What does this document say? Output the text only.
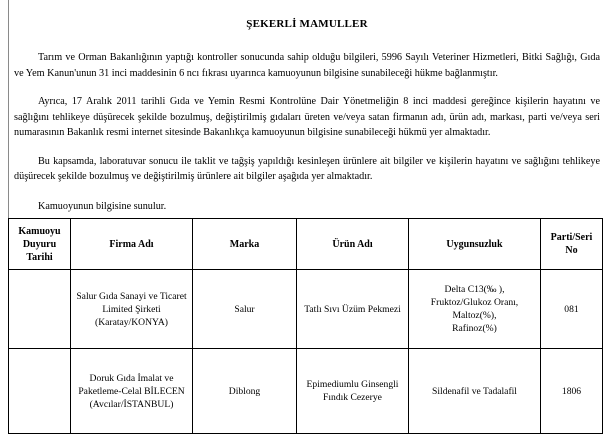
ŞEKERLİ MAMULLER

Tarım ve Orman Bakanlığının yaptığı kontroller sonucunda sahip olduğu bilgileri, 5996 Sayılı Veteriner Hizmetleri, Bitki Sağlığı, Gıda ve Yem Kanun'unun 31 inci maddesinin 6 ncı fıkrası uyarınca kamuoyunun bilgisine sunabileceği hükme bağlanmıştır.

Ayrıca, 17 Aralık 2011 tarihli Gıda ve Yemin Resmi Kontrolüne Dair Yönetmeliğin 8 inci maddesi gereğince kişilerin hayatını ve sağlığını tehlikeye düşürecek şekilde bozulmuş, değiştirilmiş gıdaları üreten ve/veya satan firmanın adı, ürün adı, markası, parti ve/veya seri numarasının Bakanlık resmi internet sitesinde Bakanlıkça kamuoyunun bilgisine sunabileceği hükmü yer almaktadır.

Bu kapsamda, laboratuvar sonucu ile taklit ve tağşiş yapıldığı kesinleşen ürünlere ait bilgiler ve kişilerin hayatını ve sağlığını tehlikeye düşürecek şekilde bozulmuş ve değiştirilmiş ürünlere ait bilgiler aşağıda yer almaktadır.

Kamuoyunun bilgisine sunulur.

Kamuoyu
Duyuru
Tarihi	Firma Adı	Marka	Ürün Adı	Uygunsuzluk	Parti/Seri No

	Salur Gıda Sanayi ve Ticaret
Limited Şirketi
(Karatay/KONYA)	Salur	Tatlı Sıvı Üzüm Pekmezi	Delta C13(‰ ),
Fruktoz/Glukoz Oranı,
Maltoz(%),
Rafinoz(%)	081

	Doruk Gıda İmalat ve
Paketleme-Celal BİLECEN
(Avcılar/İSTANBUL)	Diblong	Epimediumlu Ginsengli
Fındık Cezerye	Sildenafil ve Tadalafil	1806
